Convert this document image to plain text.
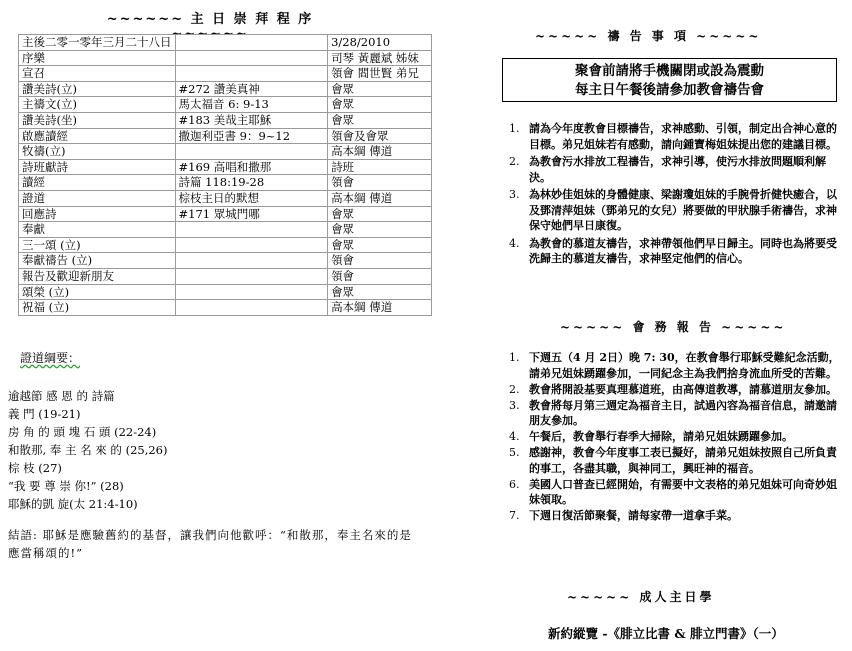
~~~~~~ 主 日 崇 拜 程 序 ~~~~~~
主後二零一零年三月二十八日		3/28/2010
序樂		司琴 黃麗斌 姊妹
宣召		領會 閻世賢 弟兄
讚美詩(立)	#272 讚美真神	會眾
主禱文(立)	馬太福音 6: 9-13	會眾
讚美詩(坐)	#183 美哉主耶穌	會眾
啟應讀經	撒迦利亞書 9：9~12	領會及會眾
牧禱(立)		高本綱 傳道
詩班獻詩	#169 高唱和撒那	詩班
讀經	詩篇 118:19-28	領會
證道	棕枝主日的默想	高本綱 傳道
回應詩	#171 眾城門哪	會眾
奉獻		會眾
三一頌 (立)		會眾
奉獻禱告 (立)		領會
報告及歡迎新朋友		領會
頌榮 (立)		會眾
祝福 (立)		高本綱 傳道
證道綱要：
逾越節 感 恩 的 詩篇
義 門 (19-21)
房 角 的 頭 塊 石 頭 (22-24)
和散那, 奉 主 名 來 的 (25,26)
棕 枝 (27)
“我 要 尊 崇 你!” (28)
耶穌的凱 旋(太 21:4-10)
結語: 耶穌是應驗舊約的基督，讓我們向他歡呼：“和散那，奉主名來的是應當稱頌的!”
~~~~~ 禱 告 事 項 ~~~~~
聚會前請將手機關閉或設為震動
每主日午餐後請參加教會禱告會
1. 請為今年度教會目標禱告，求神感動、引領，制定出合神心意的目標。弟兄姐妹若有感動，請向鍾寶梅姐妹提出您的建議目標。
2. 為教會污水排放工程禱告，求神引導，使污水排放問題順利解決。
3. 為林妙佳姐妹的身體健康、梁謝瓊姐妹的手腕骨折健快癒合，以及鄧清萍姐妹（鄧弟兄的女兒）將要做的甲狀腺手術禱告，求神保守她們早日康復。
4. 為教會的慕道友禱告，求神帶領他們早日歸主。同時也為將要受洗歸主的慕道友禱告，求神堅定他們的信心。
~~~~~ 會 務 報 告 ~~~~~
1. 下週五（4 月 2日）晚 7: 30，在教會舉行耶穌受難紀念活動，請弟兄姐妹踴躍參加，一同紀念主為我們捨身流血所受的苦難。
2. 教會將開設基要真理慕道班，由高傳道教導，請慕道朋友參加。
3. 教會將每月第三週定為福音主日，試過內容為福音信息，請邀請朋友參加。
4. 午餐后，教會舉行春季大掃除，請弟兄姐妹踴躍參加。
5. 感謝神，教會今年度事工表已擬好，請弟兄姐妹按照自己所負責的事工，各盡其職，與神同工，興旺神的福音。
6. 美國人口普查已經開始，有需要中文表格的弟兄姐妹可向奇妙姐妹領取。
7. 下週日復活節聚餐，請每家帶一道拿手菜。
~~~~~ 成人主日學
新約縱覽 -《腓立比書 & 腓立門書》（一）
